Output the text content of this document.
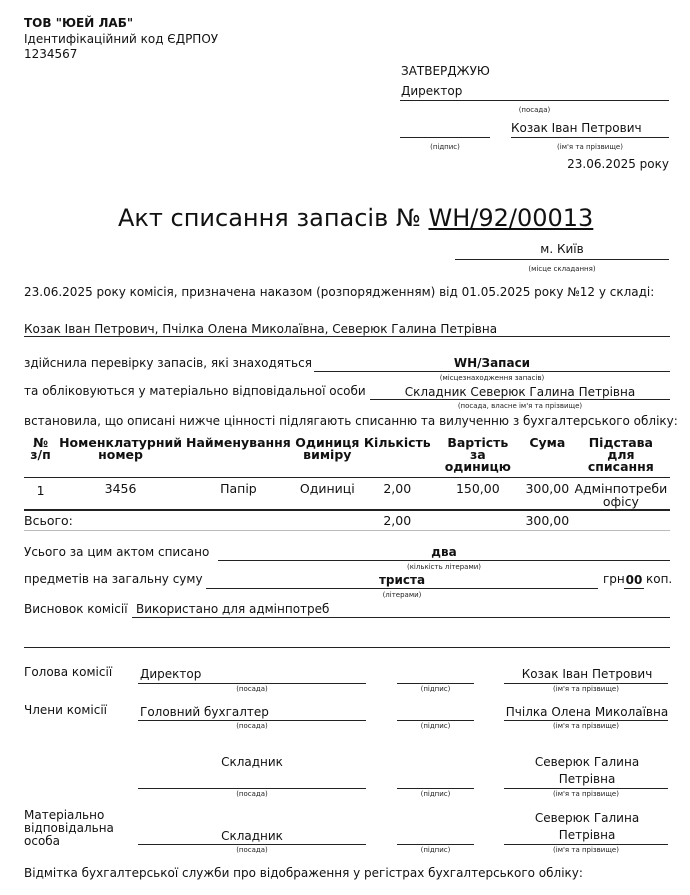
ТОВ "ЮЕЙ ЛАБ"
Ідентифікаційний код ЄДРПОУ
1234567
ЗАТВЕРДЖУЮ
Директор
(посада)
Козак Іван Петрович
(підпис)	(ім'я та прізвище)
23.06.2025 року
Акт списання запасів № WH/92/00013
м. Київ
(місце складання)
23.06.2025 року комісія, призначена наказом (розпорядженням) від 01.05.2025 року №12 у складі:
Козак Іван Петрович, Пчілка Олена Миколаївна, Северюк Галина Петрівна
здійснила перевірку запасів, які знаходяться	WH/Запаси
(місцезнаходження запасів)
та обліковуються у матеріально відповідальної особи	Складник Северюк Галина Петрівна
(посада, власне ім'я та прізвище)
встановила, що описані нижче цінності підлягають списанню та вилученню з бухгалтерського обліку:
№ з/п	Номенклатурний номер	Найменування	Одиниця виміру	Кількість	Вартість за одиницю	Сума	Підстава для списання
1	3456	Папір	Одиниці	2,00	150,00	300,00	Адмінпотреби офісу
Всього:				2,00		300,00	
Усього за цим актом списано	два
(кількість літерами)
предметів на загальну суму	триста
(літерами)
грн 00 коп.
Висновок комісії Використано для адмінпотреб
Голова комісії Директор	Козак Іван Петрович
(посада)	(підпис)	(ім'я та прізвище)
Члени комісії	Головний бухгалтер	Пчілка Олена Миколаївна
(посада)	(підпис)	(ім'я та прізвище)
Складник	Северюк Галина
Петрівна
(посада)	(підпис)	(ім'я та прізвище)
Матеріально
відповідальна
особа	Складник
Северюк Галина
Петрівна
(посада)	(підпис)	(ім'я та прізвище)
Відмітка бухгалтерської служби про відображення у регістрах бухгалтерського обліку:
